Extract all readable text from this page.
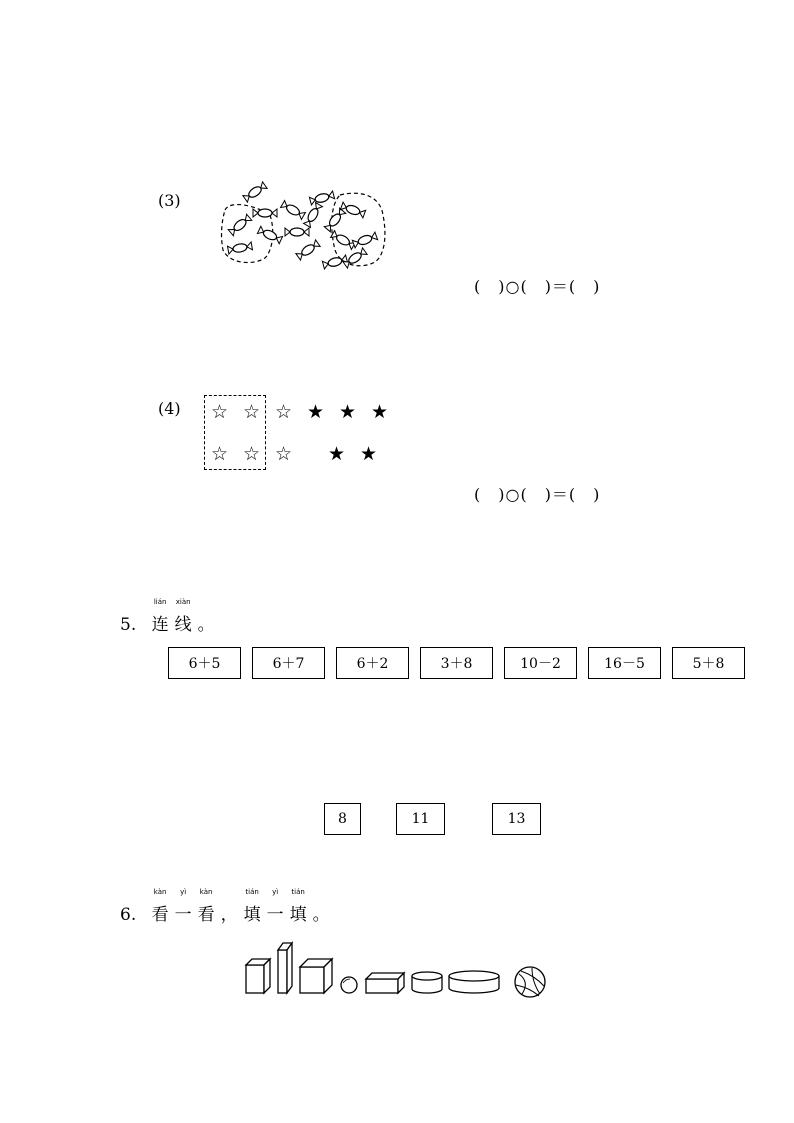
(3)
(　)○(　)＝(　)
(4) ☆ ☆ ☆ ★ ★ ★
☆ ☆ ☆ ★ ★
(　)○(　)＝(　)
5.
lián
连
xiàn
线 。
6＋5	6＋7	6＋2	3＋8	10－2	16－5	5＋8
8	11	13
6.
kàn
看
yì
一
kàn
看 ，
tián
填
yì
一
tián
填 。
